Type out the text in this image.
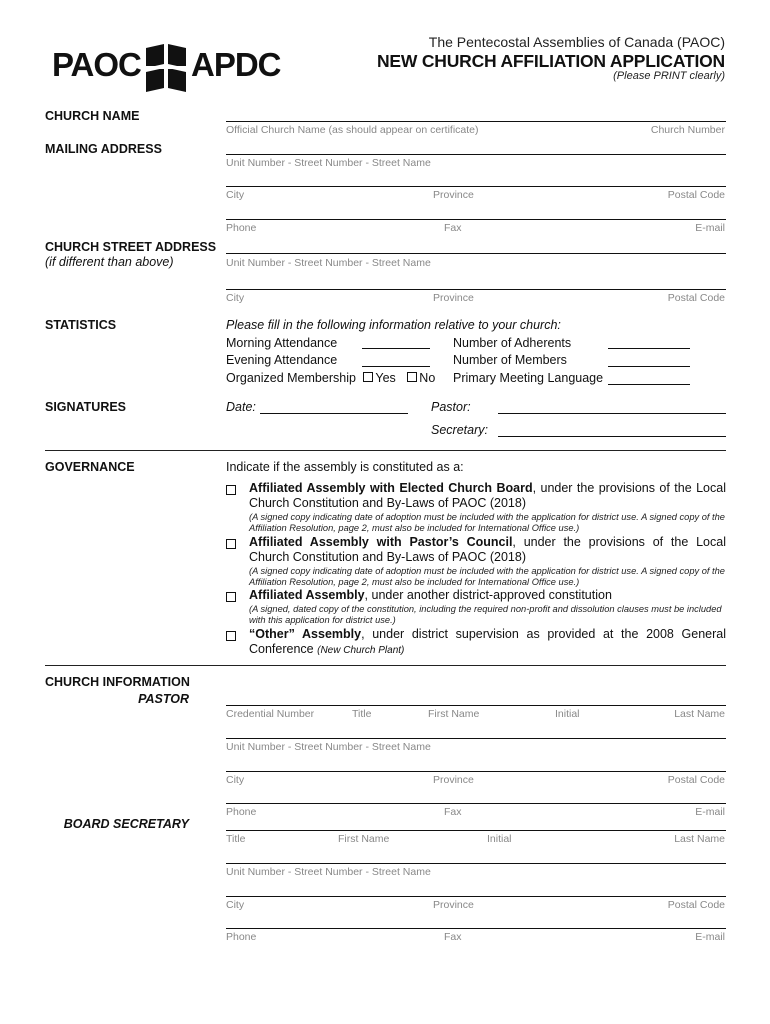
PAOC APDC
The Pentecostal Assemblies of Canada (PAOC)
NEW CHURCH AFFILIATION APPLICATION
(Please PRINT clearly)
CHURCH NAME
Official Church Name (as should appear on certificate)	Church Number
MAILING ADDRESS
Unit Number - Street Number - Street Name
City	Province	Postal Code
Phone	Fax	E-mail
CHURCH STREET ADDRESS
(if different than above)	Unit Number - Street Number - Street Name
City	Province	Postal Code
STATISTICS	Please fill in the following information relative to your church:
Morning Attendance	Number of Adherents
Evening Attendance	Number of Members
Organized Membership Yes No Primary Meeting Language
SIGNATURES	Date:	Pastor:
Secretary:
GOVERNANCE	Indicate if the assembly is constituted as a:
Affiliated Assembly with Elected Church Board, under the provisions of the Local Church Constitution and By-Laws of PAOC (2018)
(A signed copy indicating date of adoption must be included with the application for district use. A signed copy of the Affiliation Resolution, page 2, must also be included for International Office use.)
Affiliated Assembly with Pastor’s Council, under the provisions of the Local Church Constitution and By-Laws of PAOC (2018)
(A signed copy indicating date of adoption must be included with the application for district use. A signed copy of the Affiliation Resolution, page 2, must also be included for International Office use.)
Affiliated Assembly, under another district-approved constitution
(A signed, dated copy of the constitution, including the required non-profit and dissolution clauses must be included with this application for district use.)
“Other” Assembly, under district supervision as provided at the 2008 General Conference (New Church Plant)
CHURCH INFORMATION
PASTOR
Credential Number	Title	First Name	Initial	Last Name
Unit Number - Street Number - Street Name
City	Province	Postal Code
Phone	Fax	E-mail
BOARD SECRETARY
Title	First Name	Initial	Last Name
Unit Number - Street Number - Street Name
City	Province	Postal Code
Phone	Fax	E-mail
